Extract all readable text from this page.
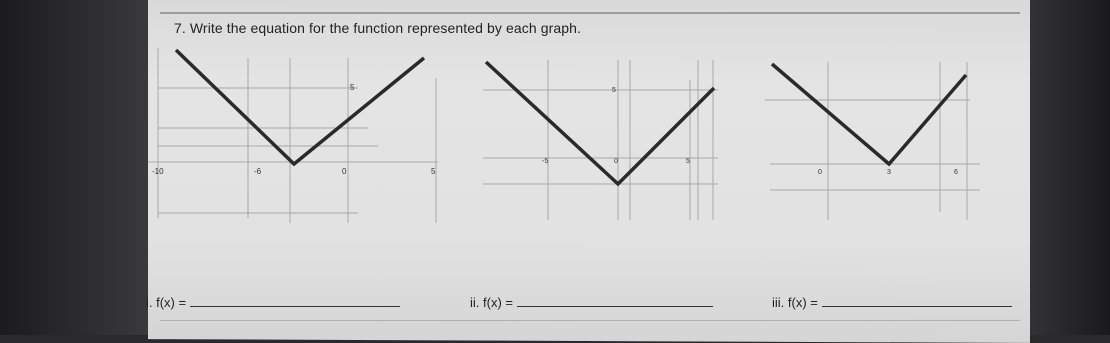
7. Write the equation for the function represented by each graph.
-10	-6	0	5
5
-5	0	5
5
0	3	6
i. f(x) =	ii. f(x) =	iii. f(x) =
